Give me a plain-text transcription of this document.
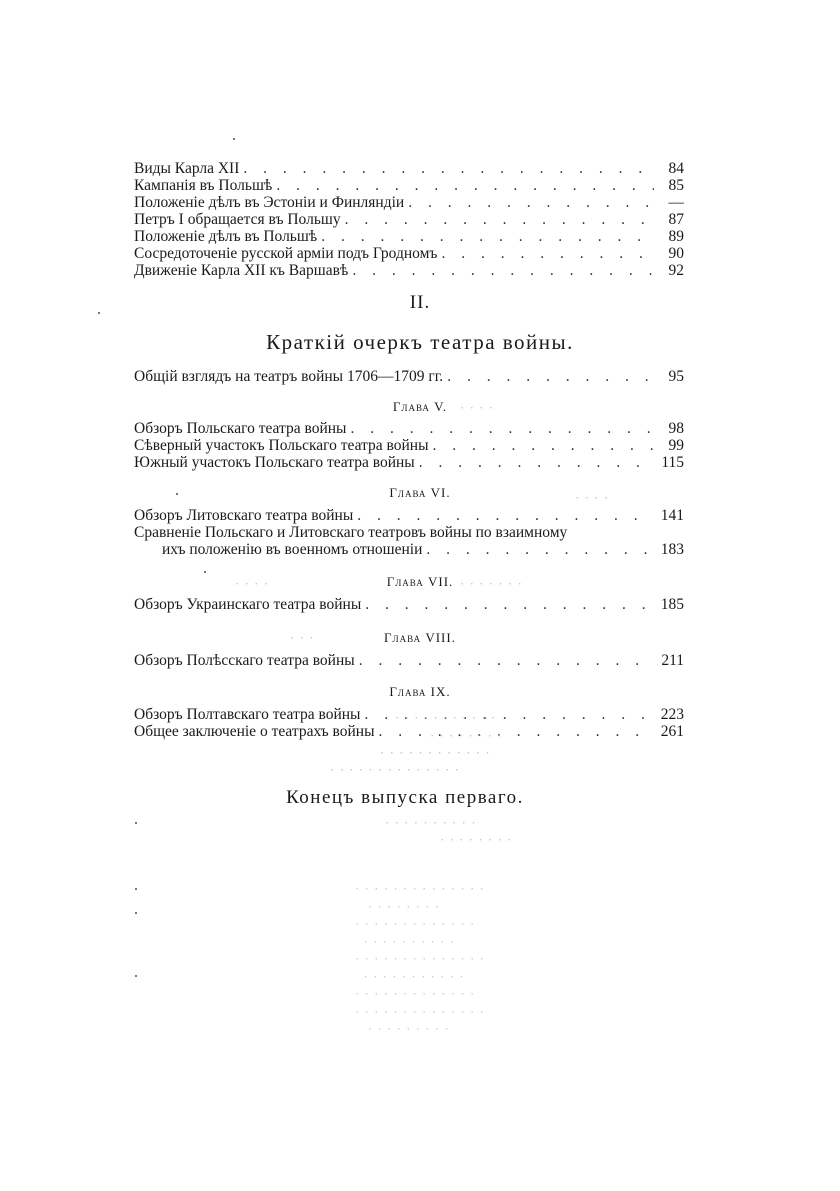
Виды Карла XII . . .	84
Кампанія въ Польшѣ . . .	85
Положеніе дѣлъ въ Эстоніи и Финляндіи . . .	—
Петръ I обращается въ Польшу . . .	87
Положеніе дѣлъ въ Польшѣ . . .	89
Сосредоточеніе русской арміи подъ Гродномъ . . .	90
Движеніе Карла XII къ Варшавѣ . . .	92
II.
Краткій очеркъ театра войны.
Общій взглядъ на театръ войны 1706—1709 гг. . . .	95
Глава V.
Обзоръ Польскаго театра войны . . .	98
Сѣверный участокъ Польскаго театра войны . . .	99
Южный участокъ Польскаго театра войны . . .	115
Глава VI.
Обзоръ Литовскаго театра войны . . .	141
Сравненіе Польскаго и Литовскаго театровъ войны по взаимному
ихъ положенію въ военномъ отношеніи . . .	183
Глава VII.
Обзоръ Украинскаго театра войны . . .	185
Глава VIII.
Обзоръ Полѣсскаго театра войны . . .	211
Глава IX.
Обзоръ Полтавскаго театра войны . . .	223
Общее заключеніе о театрахъ войны . . .	261
Конецъ выпуска перваго.
· · · ·
· · · ·
· · · ·	· · · · · · ·
· · ·
· · · · · · · · · · ·
· · · · · · · ·
· · · · · · · · · · · ·
· · · · · · · · · · · · · ·
· · · · · · · · · ·
· · · · · · · ·
· · · · · · · · · · · · · ·
· · · · · · · ·
· · · · · · · · · · · · ·
· · · · · · · · · ·
· · · · · · · · · · · · · ·
· · · · · · · · · · ·
· · · · · · · · · · · · ·
· · · · · · · · · · · · · ·
· · · · · · · · ·
